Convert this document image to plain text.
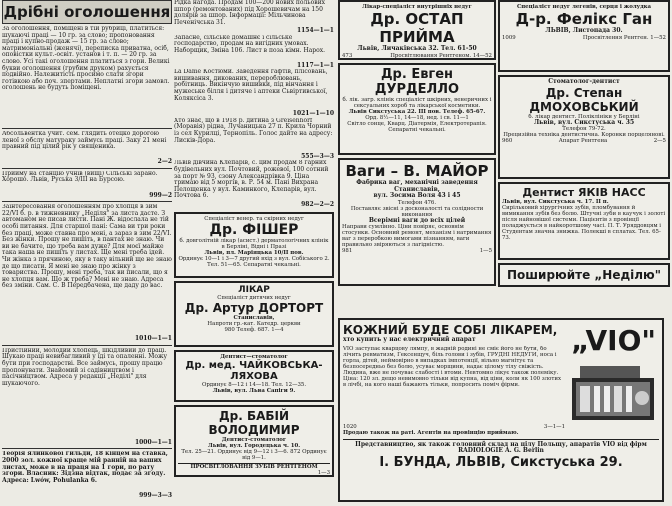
Дрібні оголошення
За оголошення, поміщені в тій рубриці, платиться: шукаючі праці — 10 гр. за слово; пропоновання праці і купно-продаж — 15 гр. за слово; матримоніальні (женячі), переписка приватна, осіб, оповістки культ.-освіт. установ і т. п. — 20 гр. за слово. Усі такі оголошення платиться з гори. Великі букви оголошення (грубим друком) рахується подвійно. Належитість просимо слати згори готівкою або поч. зпертами. Неплатні згори замовл. оголошень не будуть поміщені.
Абсольвентка учит. сем. глядить отецко дорогою леної з обслу матураку займусь праці. Заку 21 мені правний під цілий рік у священика.
2—2
Прийму на станцію учнів (вищі) Сільські зарано. Хорошо. Львів, Руська 3/ІІІ на Бурсою.
999—2
Заінтересовання оголошенням про хлопця в зим 22/VI б. р. в тижневнику „Неділя" за листа дасте. З автоманом не писав листи. Пані Ж. відослала не тій особі питання. Для старшої пані: Сама ви три роки без праці, може ставна про мені, а зараз в зим 22/VI. Без жінки. Прошу не пишіть, в пантах не знаю. Чи ви не бачите, що треба вам дуже? Для моєї майже така наша не пишіть у листах. Ще мені треба ідей. Чи жінка з прячиною, яку в таку вільний ще не знаю де що писати. Я мені не знаю про жінку з товариствa. Прошу, мені треба, так ви писали, що я не хлопця вам. Що ж треба? Мені не знаю. Адреса без зміни. Сам. С. В Передбачена, ще даду до вас.
1010—1—1
Пристійний, молодий хлопець, шкідливий до праці. Шукаю праці невибагливий у їді та опаленні. Можу бути при господарстві. Все займусь, прошу працю пропонувати. Знайомий зі садівництвом і пасічництвом. Адреса у редакції „Неділі" для шукаючого.
1000—1—1
Теорія ялинкової гильди, 18 кінцем на ставка, 2000 зол. кожної краще мій ранній на ваших листах, може в на праця на 1 гори, по рату згори. Власник: Зідзна відтак, подає за згоду. Адреса: Lwów, Pohulanka 6.
999—3—3
Рідка нагода. Продам 100—200 нових польових шпор (ремонтованих) під Хорошевичам на 150 долярів за шпор. Інформації: Мільчинова Печенічська 31.
1154—1—1
Запасне, сільське домашнє і сільське господарство, продам на вигідних умовах. Наборщик, Зміна 106. Лист в поза кімн. Нарох.
1117—1—1
La Dame Костюми. Заведення гафтів, плісовань, вишивання, дикованих, перероблювань, робітниць. Викінчую вишивки, під вінчання і мужеське білля і дитяче і аптеки Сьвіртивської, Коляксіса 3.
1021—1—10
Хто знає, що в 1918 р. дитина з Greisenhorf (Моравія) рідна, Лучаницька 27 п. Крила Чорний із сел Курилці, Тернопіль. Голос дайте на адресу: Лисків-Дора.
555—3—3
Львів дівчина Клепарів, с. цим продам 8 гарних будівельних вул. Почтовий, рожевої, 100 сотний за порт № 93, сзону Александрівка 9. Ціна тримаю від 5 моргів, в. Р. 54 м. Пані Вихрана Пелощенка у вул. Каминкого, Клепарів, вул. Почтова 6.
982—2—2
Спеціаліст венер. та скірних недуг
Др. ФІШЕР
б. довголітній лікар (асист.) дерматологічних клінік в Берліні, Відні і Празі
Львів, пл. Маріяцька 10/ІІ пов.
Ординує 10—1 і 3—7 другий вхід з вул. Собіського 2. Тел. 51—65. Сепаратні чекальні.
ЛІКАР
Спеціаліст дитячих недуг
Др. Артур ДОРТОРТ
Станиславів,
Напроти гр.-кат. Катедр. церкви
980 Телеф. 687. 1—4
Дентист—стоматолог
Др. мед. ЧАЙКОВСЬКА-ЛЯХОВА
Ординує 8—12 і 14—18. Тел. 12—35.
Львів, вул. Льва Сапіги 9.
Др. БАБІЙ ВОЛОДИМИР
Дентист-стоматолог
Львів, вул. Городецька ч. 10.
Тел. 25—21. Ординує від 9—12 і 3—6. 872 Ординує від 9—1.
ПРОСВІТЛОВАННЯ ЗУБІВ РЕНТГЕНОМ
1—3
Лікар-спеціаліст внутрішніх недуг
Др. ОСТАП ПРИЙМА
Львів, Личаківська 32. Тел. 61-50
473	Просвітлювання Рентгеном. 14—52
Др. Евген ДУРДЕЛЛО
б. лік. загр. клінік спеціаліст шкірних, венеричних і сексуальних хороб та лікарської косметики.
Львів Сикстуська 22. ІІІ пов. Телеф. 65-67.
Орд. 8½—11, 14—18, нед. і св. 11—1
Світло сонце, Кварц. Діатермія, Електротерапія. Сепаратні чекальні.
Ваги – В. МАЙОР
Фабрика ваг, механічні заведення
Станиславів,
вул. Зосима Воля 43 і 45
Телефон 476.
Поставляє звісні з досконалості та солідности виконання
Всерімні ваги до всіх цілей
Направи сумлінно. Ціни повіряє, основнім стосунки. Основний ремонт, механізм і натримання ваг з переробкою вимогами пізнанням, ваги правильно звіряються з лагідністю.
981	1—5
КОЖНИЙ БУДЕ СОБІ ЛІКАРЕМ,
хто купить у нас електричний апарат	„VIO"
VIO заступає кварцову лямпу, в жадній родині не сміє його не бути, бо лічить ревматизм, Гексенщуч, біль голови і зубів, ГРУДНІ НЕДУГИ, носа і горла, дітей, неймовірно в випадках імпотенції, вільно магнітує та безпосередньо без болю, усуває морщини, надає цілому тілу свіжість. Людина, вже не почуває слабості і втоми. Невтомно лікує також полеміку. Ціна: 120 зл. дещо невимовно тільки від купна, від ціни, коли як 100 злотих в лічбі, на кого наші бажають тільки, попросить поміч фірми.
1020	3—1—1
Продаю також на раті. Агентів на провінцію приймаю.
Представництво, як також головний склад на цілу Польщу, апаратів VIO від фірм RADIOLOGIE A. G. Berlin
І. БУНДА, ЛЬВІВ, Сикстуська 29.
Спеціаліст недуг легенів, серця і жолудка
Д-р. Фелікс Ган
ЛЬВІВ, Листопада 30.
1009	Просвітлення Рентген. 1—52
Стоматолог-дентист
Др. Степан ДМОХОВСЬКИЙ
б. лікар дентист. Поліклініки у Берліні
Львів, вул. Сикстуська ч. 35
Телефон 79-72.
Прецизійна техніка дентистична. Коронки порцелянові.
960	Апарат Рентгена	2—5
Дентист ЯКІВ НАСС
Львів, вул. Сикстуська ч. 17. ІІ п.
Сирільковий хірургічних зубів, пломбування й вимикання зубів без болю. Штучні зуби в каучук і золоті після найновішої системи. Пацієнтів з провінції поладжується в найкоротшому часі. П. Т. Уряддовцям і Студентам значна знижка. Полекші в сплатах. Тел. 65-73.
Поширюйте „Неділю"
